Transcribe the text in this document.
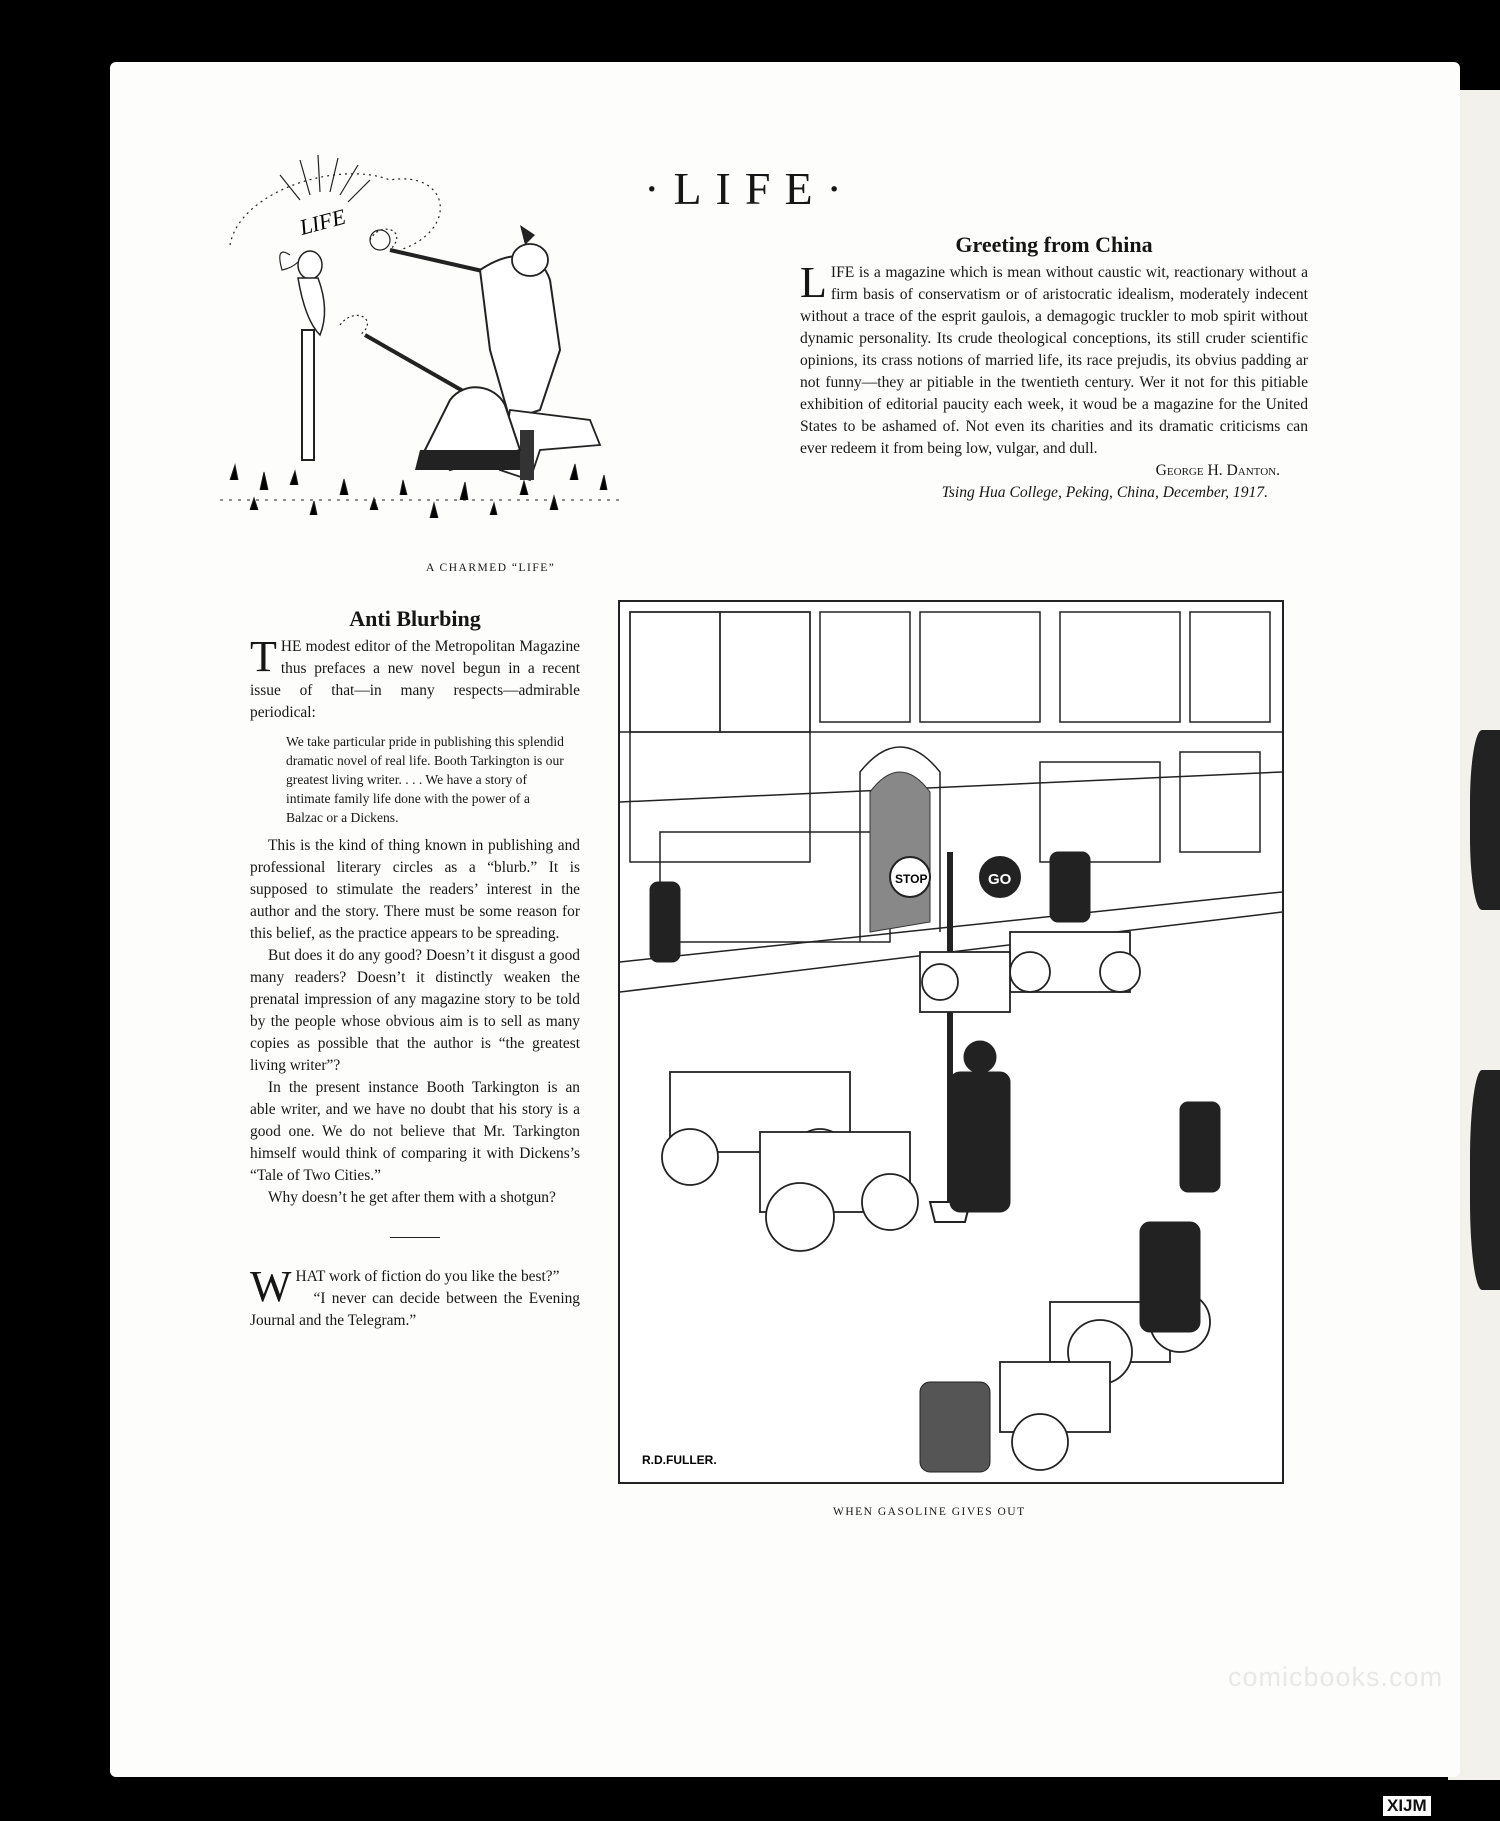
·LIFE·
LIFE
A CHARMED “LIFE”
Greeting from China
L IFE is a magazine which is mean without caustic wit, reactionary without a firm basis of conservatism or of aristocratic idealism, moderately indecent without a trace of the esprit gaulois, a demagogic truckler to mob spirit without dynamic personality. Its crude theological conceptions, its still cruder scientific opinions, its crass notions of married life, its race prejudis, its obvius padding ar not funny—they ar pitiable in the twentieth century. Wer it not for this pitiable exhibition of editorial paucity each week, it woud be a magazine for the United States to be ashamed of. Not even its charities and its dramatic criticisms can ever redeem it from being low, vulgar, and dull.

George H. Danton.

Tsing Hua College, Peking, China, December, 1917.

Anti Blurbing
T HE modest editor of the Metropolitan Magazine thus prefaces a new novel begun in a recent issue of that—in many respects—admirable periodical:

We take particular pride in publishing this splendid dramatic novel of real life. Booth Tarkington is our greatest living writer. . . . We have a story of intimate family life done with the power of a Balzac or a Dickens.

This is the kind of thing known in publishing and professional literary circles as a “blurb.” It is supposed to stimulate the readers’ interest in the author and the story. There must be some reason for this belief, as the practice appears to be spreading.

But does it do any good? Doesn’t it disgust a good many readers? Doesn’t it distinctly weaken the prenatal impression of any magazine story to be told by the people whose obvious aim is to sell as many copies as possible that the author is “the greatest living writer”?

In the present instance Booth Tarkington is an able writer, and we have no doubt that his story is a good one. We do not believe that Mr. Tarkington himself would think of comparing it with Dickens’s “Tale of Two Cities.”

Why doesn’t he get after them with a shotgun?

W HAT work of fiction do you like the best?”

“I never can decide between the Evening Journal and the Telegram.”

STOP	GO
R.D.FULLER.
WHEN GASOLINE GIVES OUT
comicbooks.com
XIJM
